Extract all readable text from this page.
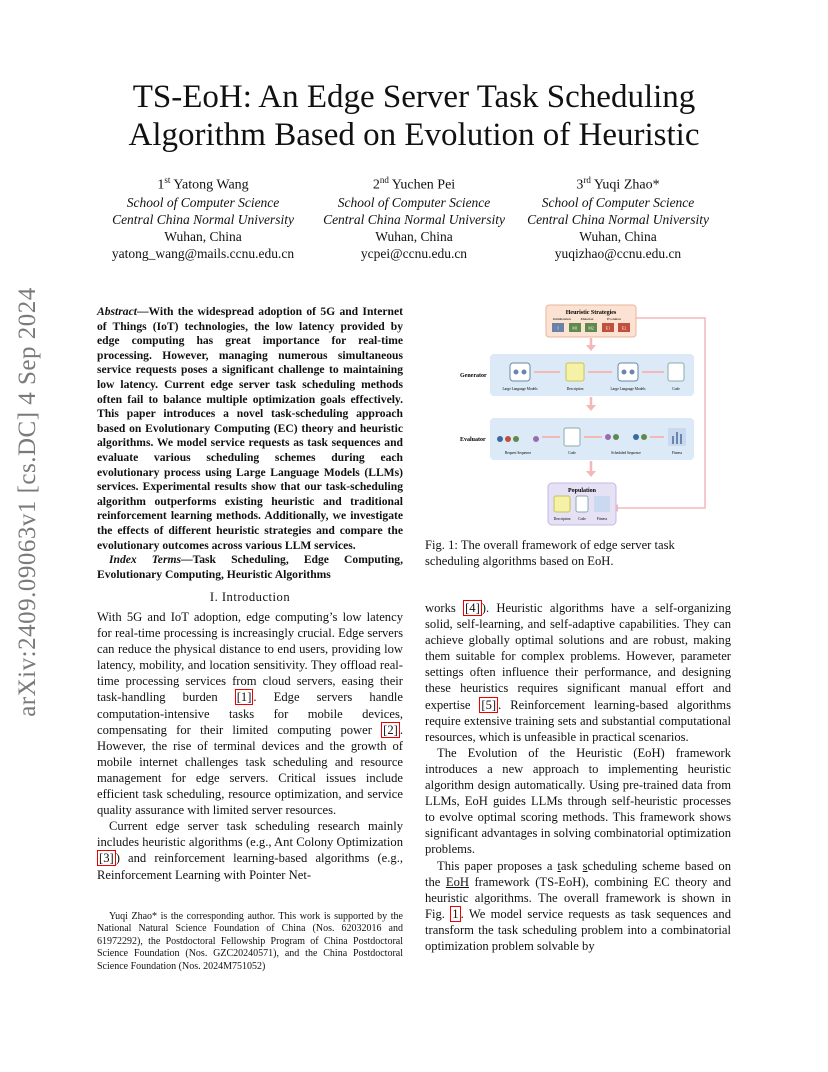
TS-EoH: An Edge Server Task Scheduling
Algorithm Based on Evolution of Heuristic
1st Yatong Wang
School of Computer Science
Central China Normal University
Wuhan, China
yatong_wang@mails.ccnu.edu.cn
2nd Yuchen Pei
School of Computer Science
Central China Normal University
Wuhan, China
ycpei@ccnu.edu.cn
3rd Yuqi Zhao*
School of Computer Science
Central China Normal University
Wuhan, China
yuqizhao@ccnu.edu.cn
arXiv:2409.09063v1 [cs.DC] 4 Sep 2024	Abstract—With the widespread adoption of 5G and Internet of Things (IoT) technologies, the low latency provided by edge computing has great importance for real-time processing. However, managing numerous simultaneous service requests poses a significant challenge to maintaining low latency. Current edge server task scheduling methods often fail to balance multiple optimization goals effectively. This paper introduces a novel task-scheduling approach based on Evolutionary Computing (EC) theory and heuristic algorithms. We model service requests as task sequences and evaluate various scheduling schemes during each evolutionary process using Large Language Models (LLMs) services. Experimental results show that our task-scheduling algorithm outperforms existing heuristic and traditional reinforcement learning methods. Additionally, we investigate the effects of different heuristic strategies and compare the evolutionary outcomes across various LLM services.
Index Terms—Task Scheduling, Edge Computing, Evolutionary Computing, Heuristic Algorithms
I. Introduction

With 5G and IoT adoption, edge computing’s low latency for real-time processing is increasingly crucial. Edge servers can reduce the physical distance to end users, providing low latency, mobility, and location sensitivity. They offload real-time processing services from cloud servers, easing their task-handling burden [1] . Edge servers handle computation-intensive tasks for mobile devices, compensating for their limited computing power [2] . However, the rise of terminal devices and the growth of mobile internet challenges task scheduling and resource management for edge servers. Critical issues include efficient task scheduling, resource optimization, and service quality assurance with limited server resources.

Current edge server task scheduling research mainly includes heuristic algorithms (e.g., Ant Colony Optimization [3] ) and reinforcement learning-based algorithms (e.g., Reinforcement Learning with Pointer Net-

Yuqi Zhao* is the corresponding author. This work is supported by the National Natural Science Foundation of China (Nos. 62032016 and 61972292), the Postdoctoral Fellowship Program of China Postdoctoral Science Foundation (Nos. GZC20240571), and the China Postdoctoral Science Foundation (Nos. 2024M751052)
Heuristic Strategies
Initialization	Mutation	Evolution
I	M1	M2	E1	E2
Generator
Large Language Models	Description	Large Language Models	Code
Evaluator
Request Sequence	Code	Scheduled Sequence	Fitness
Population
Description Code	Fitness
Fig. 1: The overall framework of edge server task scheduling algorithms based on EoH.

works [4] ). Heuristic algorithms have a self-organizing solid, self-learning, and self-adaptive capabilities. They can achieve globally optimal solutions and are robust, making them suitable for complex problems. However, parameter settings often influence their performance, and designing these heuristics requires significant manual effort and expertise [5] . Reinforcement learning-based algorithms require extensive training sets and substantial computational resources, which is unfeasible in practical scenarios.

The Evolution of the Heuristic (EoH) framework introduces a new approach to implementing heuristic algorithm design automatically. Using pre-trained data from LLMs, EoH guides LLMs through self-heuristic processes to evolve optimal scoring methods. This framework shows significant advantages in solving combinatorial optimization problems.

This paper proposes a task scheduling scheme based on the EoH framework (TS-EoH), combining EC theory and heuristic algorithms. The overall framework is shown in Fig. 1 . We model service requests as task sequences and transform the task scheduling problem into a combinatorial optimization problem solvable by
